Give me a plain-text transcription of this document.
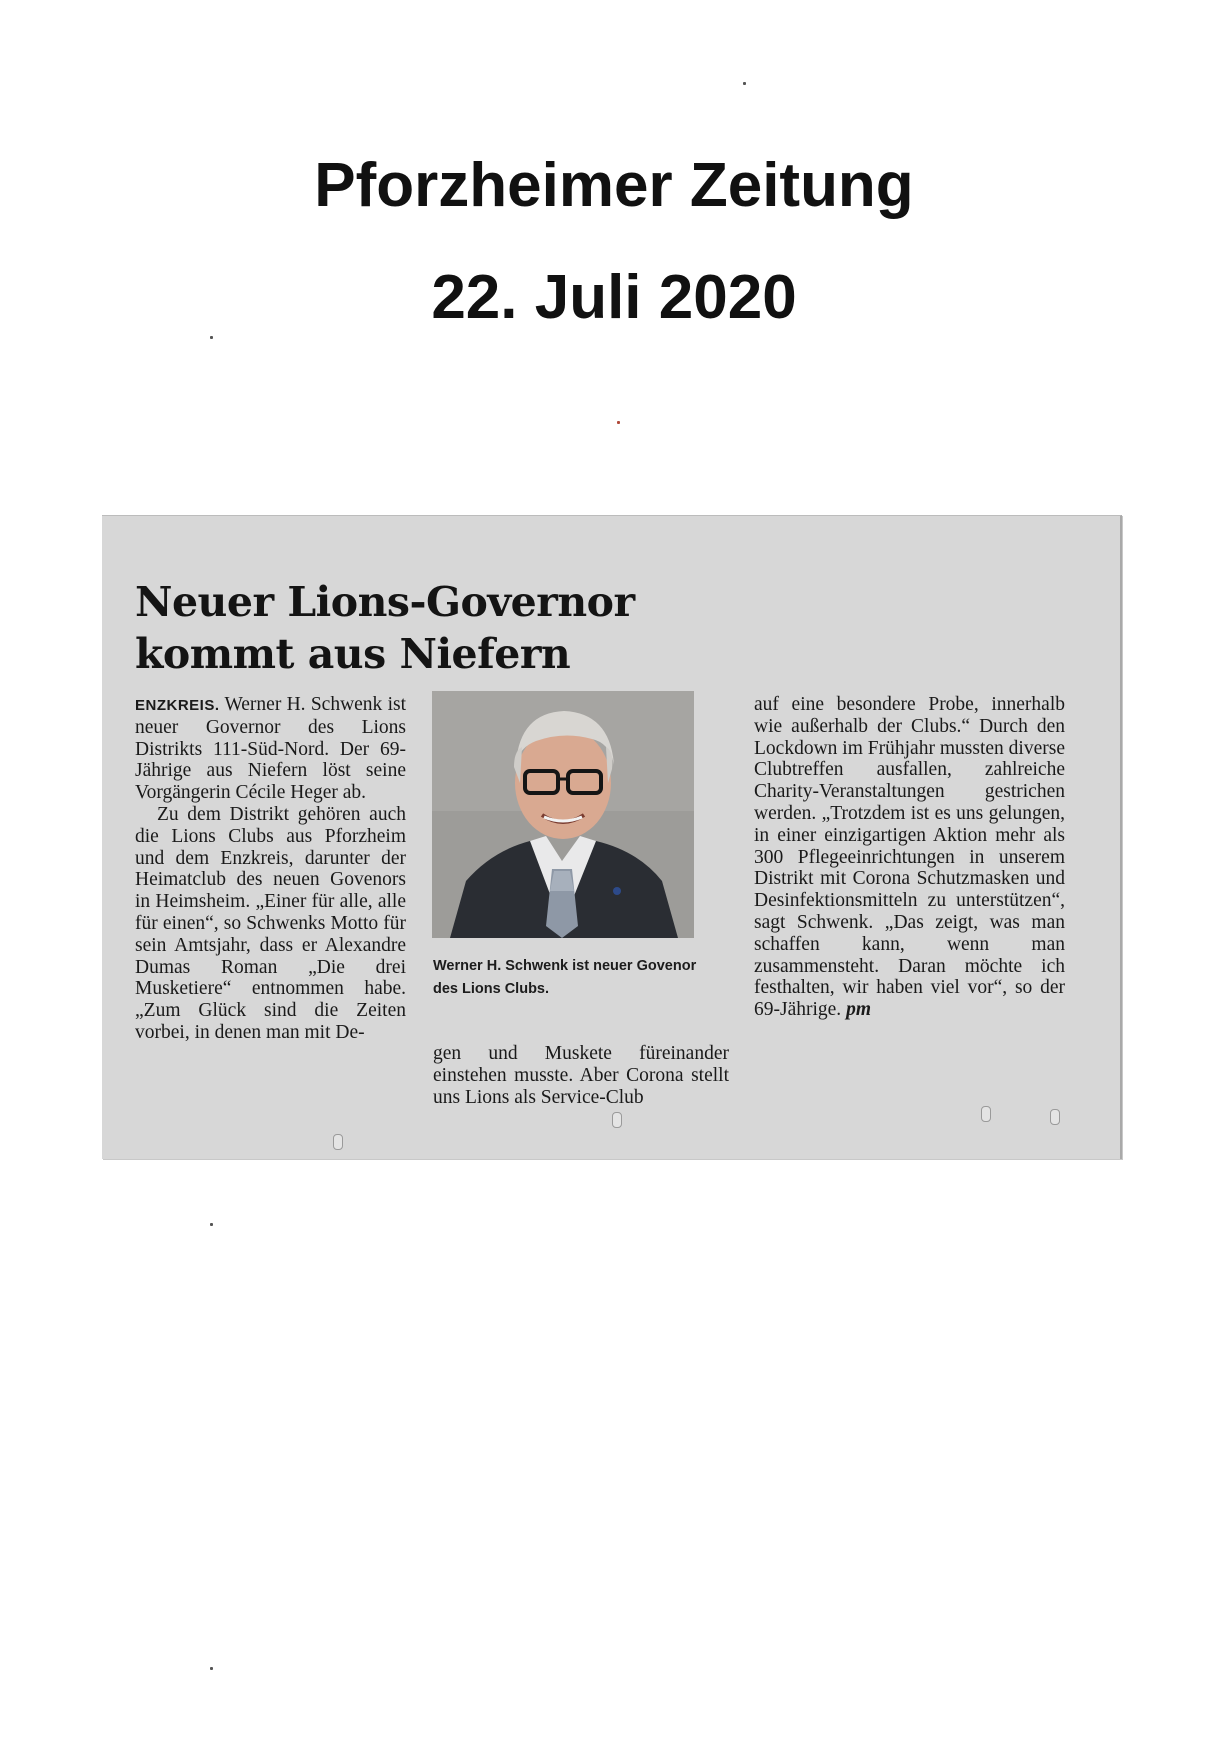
Pforzheimer Zeitung
22. Juli 2020
Neuer Lions-Governor
kommt aus Niefern

ENZKREIS. Werner H. Schwenk ist neuer Governor des Lions Distrikts 111-Süd-Nord. Der 69-Jährige aus Niefern löst seine Vorgängerin Cécile Heger ab.

Zu dem Distrikt gehören auch die Lions Clubs aus Pforzheim und dem Enzkreis, darunter der Heimatclub des neuen Govenors in Heimsheim. „Einer für alle, alle für einen“, so Schwenks Motto für sein Amtsjahr, dass er Alexandre Dumas Roman „Die drei Musketiere“ entnommen habe. „Zum Glück sind die Zeiten vorbei, in denen man mit De-

Werner H. Schwenk ist neuer Govenor des Lions Clubs.

gen und Muskete füreinander einstehen musste. Aber Corona stellt uns Lions als Service-Club

auf eine besondere Probe, innerhalb wie außerhalb der Clubs.“ Durch den Lockdown im Frühjahr mussten diverse Clubtreffen ausfallen, zahlreiche Charity-Veranstaltungen gestrichen werden. „Trotzdem ist es uns gelungen, in einer einzigartigen Aktion mehr als 300 Pflegeeinrichtungen in unserem Distrikt mit Corona Schutzmasken und Desinfektionsmitteln zu unterstützen“, sagt Schwenk. „Das zeigt, was man schaffen kann, wenn man zusammensteht. Daran möchte ich festhalten, wir haben viel vor“, so der 69-Jährige. pm
